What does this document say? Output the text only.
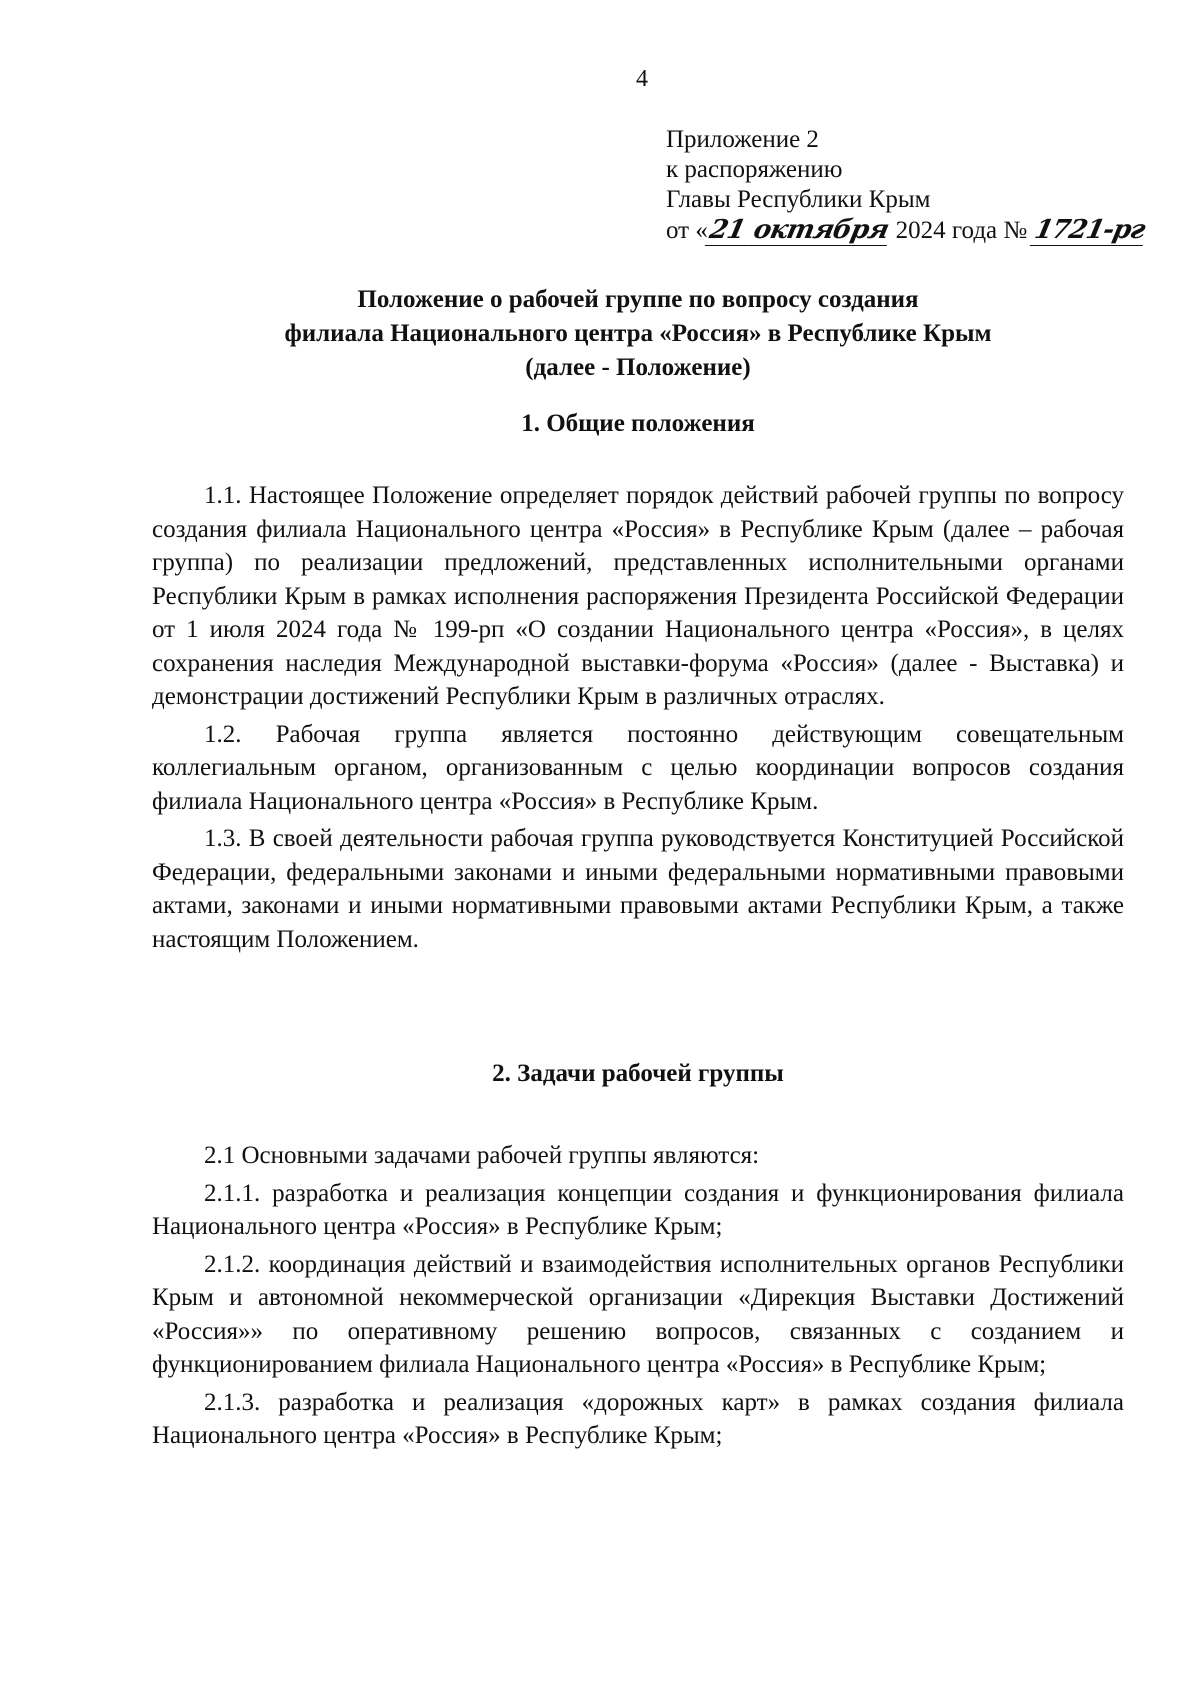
4
Приложение 2
к распоряжению
Главы Республики Крым
от «
21 октября 2024 года № 1721-рг
Положение о рабочей группе по вопросу создания
филиала Национального центра «Россия» в Республике Крым
(далее - Положение)
1. Общие положения

1.1. Настоящее Положение определяет порядок действий рабочей группы по вопросу создания филиала Национального центра «Россия» в Республике Крым (далее – рабочая группа) по реализации предложений, представленных исполнительными органами Республики Крым в рамках исполнения распоряжения Президента Российской Федерации от 1 июля 2024 года № 199-рп «О создании Национального центра «Россия», в целях сохранения наследия Международной выставки-форума «Россия» (далее - Выставка) и демонстрации достижений Республики Крым в различных отраслях.

1.2. Рабочая группа является постоянно действующим совещательным коллегиальным органом, организованным с целью координации вопросов создания филиала Национального центра «Россия» в Республике Крым.

1.3. В своей деятельности рабочая группа руководствуется Конституцией Российской Федерации, федеральными законами и иными федеральными нормативными правовыми актами, законами и иными нормативными правовыми актами Республики Крым, а также настоящим Положением.

2. Задачи рабочей группы

2.1 Основными задачами рабочей группы являются:

2.1.1. разработка и реализация концепции создания и функционирования филиала Национального центра «Россия» в Республике Крым;

2.1.2. координация действий и взаимодействия исполнительных органов Республики Крым и автономной некоммерческой организации «Дирекция Выставки Достижений «Россия»» по оперативному решению вопросов, связанных с созданием и функционированием филиала Национального центра «Россия» в Республике Крым;

2.1.3. разработка и реализация «дорожных карт» в рамках создания филиала Национального центра «Россия» в Республике Крым;
